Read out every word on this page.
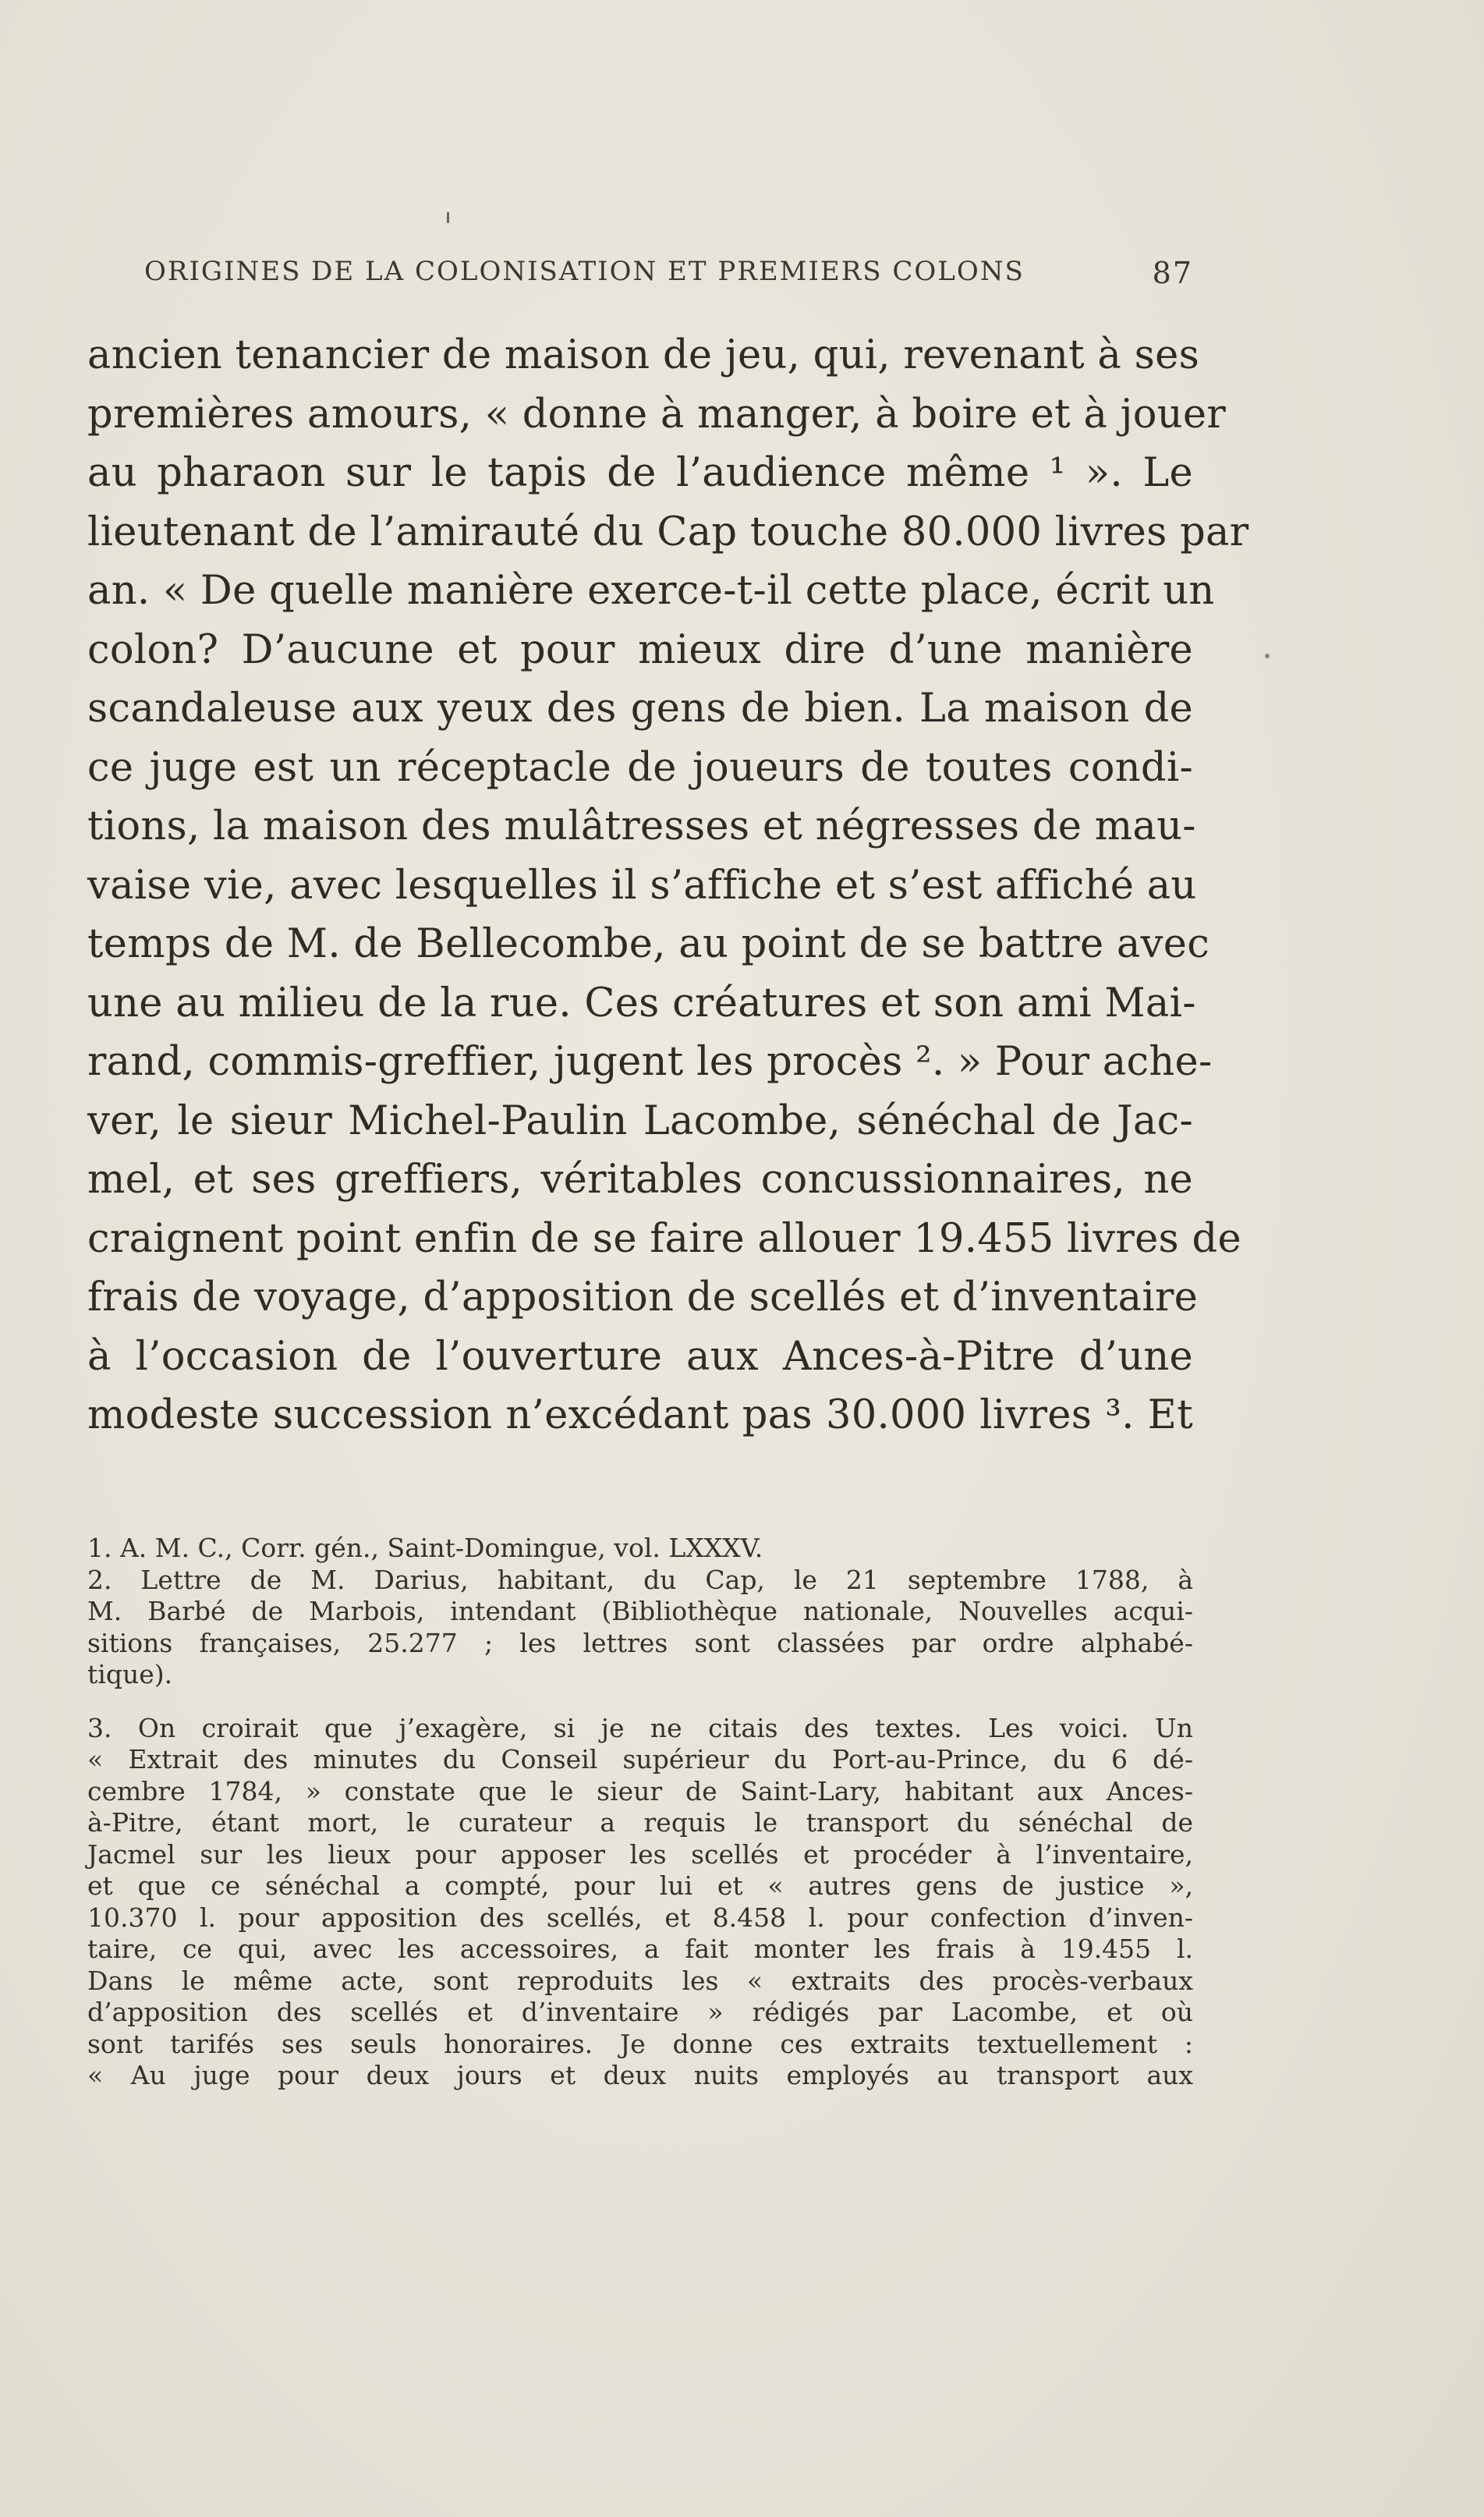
ORIGINES DE LA COLONISATION ET PREMIERS COLONS	87
ancien tenancier de maison de jeu, qui, revenant à ses
premières amours, « donne à manger, à boire et à jouer
au pharaon sur le tapis de l’audience même ¹ ». Le
lieutenant de l’amirauté du Cap touche 80.000 livres par
an. « De quelle manière exerce-t-il cette place, écrit un
colon? D’aucune et pour mieux dire d’une manière
scandaleuse aux yeux des gens de bien. La maison de
ce juge est un réceptacle de joueurs de toutes condi-
tions, la maison des mulâtresses et négresses de mau-
vaise vie, avec lesquelles il s’affiche et s’est affiché au
temps de M. de Bellecombe, au point de se battre avec
une au milieu de la rue. Ces créatures et son ami Mai-
rand, commis-greffier, jugent les procès ². » Pour ache-
ver, le sieur Michel-Paulin Lacombe, sénéchal de Jac-
mel, et ses greffiers, véritables concussionnaires, ne
craignent point enfin de se faire allouer 19.455 livres de
frais de voyage, d’apposition de scellés et d’inventaire
à l’occasion de l’ouverture aux Ances-à-Pitre d’une
modeste succession n’excédant pas 30.000 livres ³. Et
1. A. M. C., Corr. gén., Saint-Domingue, vol. LXXXV.
2. Lettre de M. Darius, habitant, du Cap, le 21 septembre 1788, à
M. Barbé de Marbois, intendant (Bibliothèque nationale, Nouvelles acqui-
sitions françaises, 25.277 ; les lettres sont classées par ordre alphabé-
tique).
3. On croirait que j’exagère, si je ne citais des textes. Les voici. Un
« Extrait des minutes du Conseil supérieur du Port-au-Prince, du 6 dé-
cembre 1784, » constate que le sieur de Saint-Lary, habitant aux Ances-
à-Pitre, étant mort, le curateur a requis le transport du sénéchal de
Jacmel sur les lieux pour apposer les scellés et procéder à l’inventaire,
et que ce sénéchal a compté, pour lui et « autres gens de justice »,
10.370 l. pour apposition des scellés, et 8.458 l. pour confection d’inven-
taire, ce qui, avec les accessoires, a fait monter les frais à 19.455 l.
Dans le même acte, sont reproduits les « extraits des procès-verbaux
d’apposition des scellés et d’inventaire » rédigés par Lacombe, et où
sont tarifés ses seuls honoraires. Je donne ces extraits textuellement :
« Au juge pour deux jours et deux nuits employés au transport aux
